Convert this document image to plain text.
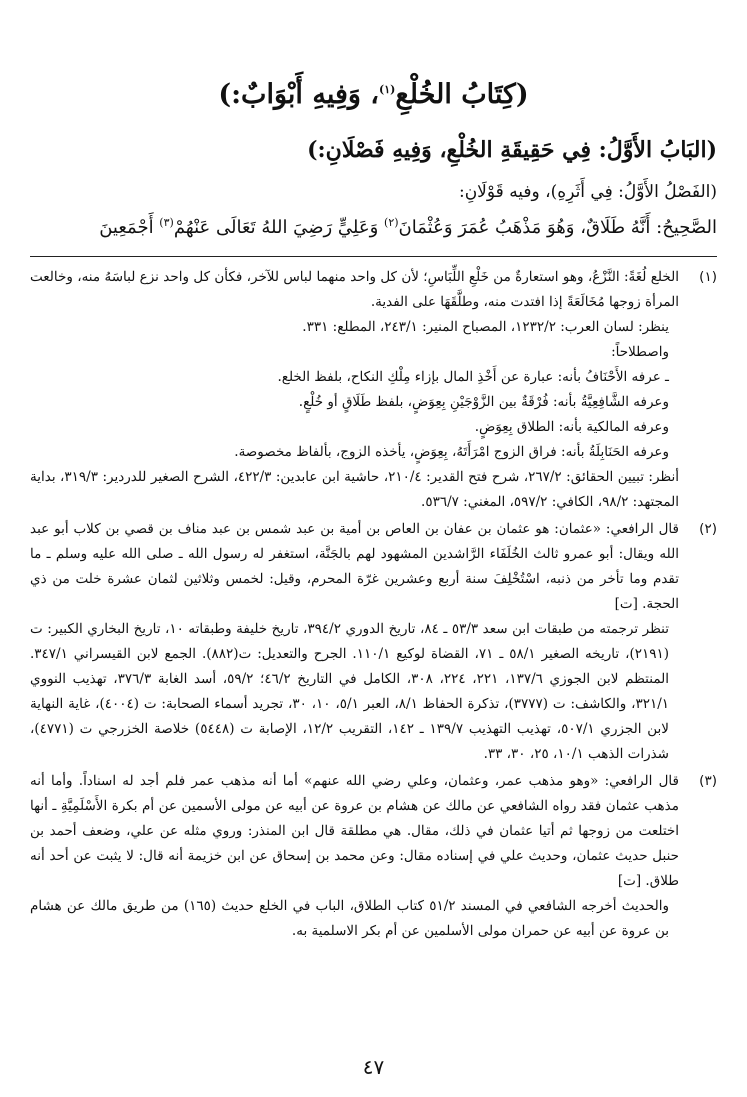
(كِتَابُ الخُلْعِ$^{(١)}$، وَفِيهِ أَبْوَابٌ:)
(البَابُ الأَوَّلُ: فِي حَقِيقَةِ الخُلْعِ، وَفِيهِ فَصْلَانِ:)

(الفَصْلُ الأَوَّلُ: فِي أَثَرِهِ)، وفيه قَوْلَانِ:

الصَّحِيحُ: أَنَّهُ طَلَاقٌ، وَهُوَ مَذْهَبُ عُمَرَ وَعُثْمَانَ$^{(٢)}$ وَعَلِيٍّ رَضِيَ اللهُ تَعَالَى عَنْهُمْ$^{(٣)}$ أَجْمَعِينَ

(١)

الخلع لُغَةً: النَّزْعُ، وهو استعارةٌ من خَلْعِ اللِّبَاسِ؛ لأن كل واحد منهما لباس للآخر، فكأن كل واحد نزع لباسَهُ منه، وخالعت المرأة زوجها مُخَالَعَةً إذا افتدت منه، وطلَّقَهَا على الفدية.

ينظر: لسان العرب: ١٢٣٢/٢، المصباح المنير: ٢٤٣/١، المطلع: ٣٣١.

واصطلاحاً:

ـ عرفه الأَحْنَافُ بأنه: عبارة عن أَخْذِ المال بإزاء مِلْكِ النكاح، بلفظ الخلع.

وعرفه الشَّافِعِيَّةُ بأنه: فُرْقَةٌ بين الزَّوْجَيْنِ بِعِوَضٍ، بلفظ طَلَاقٍ أو خُلْعٍ.

وعرفه المالكية بأنه: الطلاق بِعِوَضٍ.

وعرفه الحَنَابِلَةُ بأنه: فراق الزوج امْرَأَتَهُ، بِعِوَضٍ، يأخذه الزوج، بألفاظ مخصوصة.

أنظر: تبيين الحقائق: ٢٦٧/٢، شرح فتح القدير: ٢١٠/٤، حاشية ابن عابدين: ٤٢٢/٣، الشرح الصغير للدردير: ٣١٩/٣، بداية المجتهد: ٩٨/٢، الكافي: ٥٩٧/٢، المغني: ٥٣٦/٧.

(٢)

قال الرافعي: «عثمان: هو عثمان بن عفان بن العاص بن أمية بن عبد شمس بن عبد مناف بن قصي بن كلاب أبو عبد الله ويقال: أبو عمرو ثالث الخُلَفَاء الرَّاشدين المشهود لهم بالجَنَّة، استغفر له رسول الله ـ صلى الله عليه وسلم ـ ما تقدم وما تأخر من ذنبه، اسْتُخْلِفَ سنة أربع وعشرين غرّة المحرم، وقيل: لخمس وثلاثين لثمان عشرة خلت من ذي الحجة. [ت]

تنظر ترجمته من طبقات ابن سعد ٥٣/٣ ـ ٨٤، تاريخ الدوري ٣٩٤/٢، تاريخ خليفة وطبقاته ١٠، تاريخ البخاري الكبير: ت (٢١٩١)، تاريخه الصغير ٥٨/١ ـ ٧١، القضاة لوكيع ١١٠/١. الجرح والتعديل: ت(٨٨٢). الجمع لابن القيسراني ٣٤٧/١. المنتظم لابن الجوزي ١٣٧/٦، ٢٢١، ٢٢٤، ٣٠٨، الكامل في التاريخ ٤٦/٢؛ ٥٩/٢، أسد الغابة ٣٧٦/٣، تهذيب النووي ٣٢١/١، والكاشف: ت (٣٧٧٧)، تذكرة الحفاظ ٨/١، العبر ٥/١، ١٠، ٣٠، تجريد أسماء الصحابة: ت (٤٠٠٤)، غاية النهاية لابن الجزري ٥٠٧/١، تهذيب التهذيب ١٣٩/٧ ـ ١٤٢، التقريب ١٢/٢، الإصابة ت (٥٤٤٨) خلاصة الخزرجي ت (٤٧٧١)، شذرات الذهب ١٠/١، ٢٥، ٣٠، ٣٣.

(٣)

قال الرافعي: «وهو مذهب عمر، وعثمان، وعلي رضي الله عنهم» أما أنه مذهب عمر فلم أجد له اسناداً. وأما أنه مذهب عثمان فقد رواه الشافعي عن مالك عن هشام بن عروة عن أبيه عن مولى الأسمين عن أم بكرة الأَسْلَمِيَّةِ ـ أنها اختلعت من زوجها ثم أتيا عثمان في ذلك، مقال. هي مطلقة قال ابن المنذر: وروي مثله عن علي، وضعف أحمد بن حنبل حديث عثمان، وحديث علي في إسناده مقال: وعن محمد بن إسحاق عن ابن خزيمة أنه قال: لا يثبت عن أحد أنه طلاق. [ت]

والحديث أخرجه الشافعي في المسند ٥١/٢ كتاب الطلاق، الباب في الخلع حديث (١٦٥) من طريق مالك عن هشام بن عروة عن أبيه عن حمران مولى الأسلمين عن أم بكر الاسلمية به.

٤٧
